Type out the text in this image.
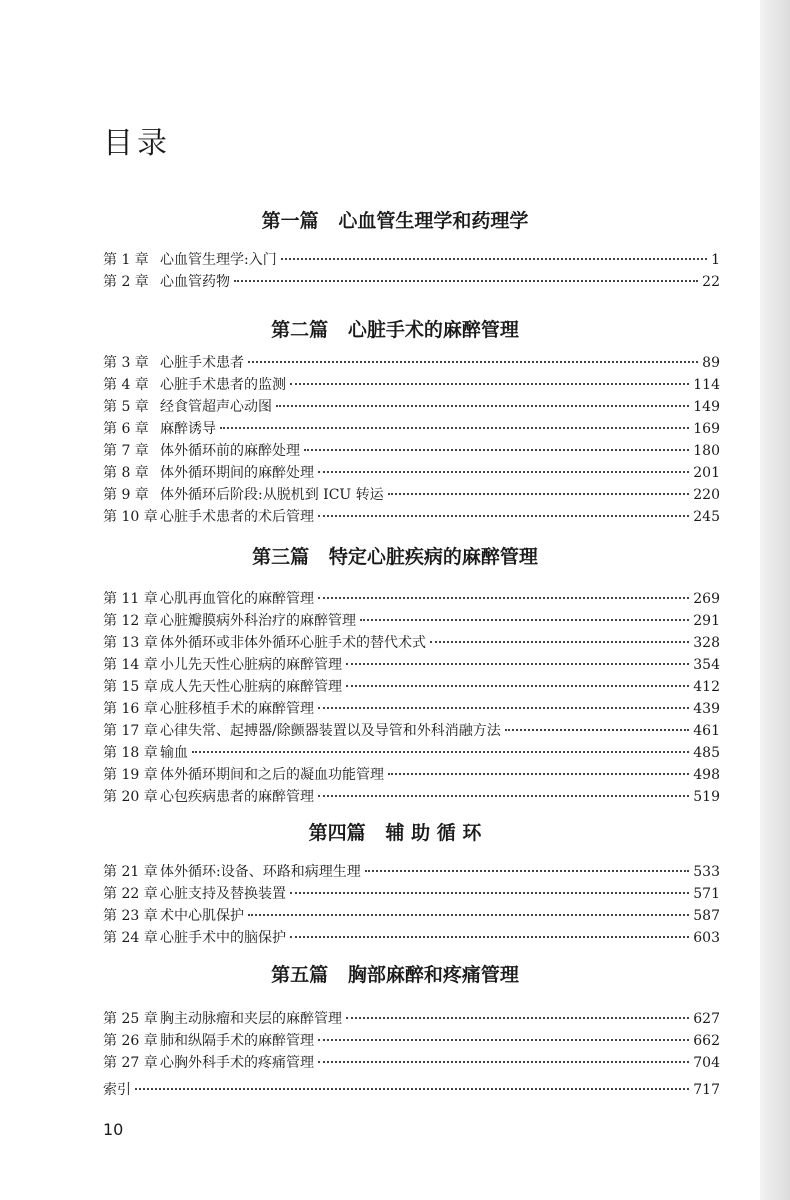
目录
第一篇   心血管生理学和药理学
第二篇   心脏手术的麻醉管理
第三篇   特定心脏疾病的麻醉管理
第四篇   辅 助 循 环
第五篇   胸部麻醉和疼痛管理
第 1 章 心血管生理学:入门	1
第 2 章 心血管药物	22
第 3 章 心脏手术患者	89
第 4 章 心脏手术患者的监测	114
第 5 章 经食管超声心动图	149
第 6 章 麻醉诱导	169
第 7 章 体外循环前的麻醉处理	180
第 8 章 体外循环期间的麻醉处理	201
第 9 章 体外循环后阶段:从脱机到 ICU 转运	220
第 10 章 心脏手术患者的术后管理	245
第 11 章 心肌再血管化的麻醉管理	269
第 12 章 心脏瓣膜病外科治疗的麻醉管理	291
第 13 章 体外循环或非体外循环心脏手术的替代术式	328
第 14 章 小儿先天性心脏病的麻醉管理	354
第 15 章 成人先天性心脏病的麻醉管理	412
第 16 章 心脏移植手术的麻醉管理	439
第 17 章 心律失常、起搏器/除颤器装置以及导管和外科消融方法	461
第 18 章 输血	485
第 19 章 体外循环期间和之后的凝血功能管理	498
第 20 章 心包疾病患者的麻醉管理	519
第 21 章 体外循环:设备、环路和病理生理	533
第 22 章 心脏支持及替换装置	571
第 23 章 术中心肌保护	587
第 24 章 心脏手术中的脑保护	603
第 25 章 胸主动脉瘤和夹层的麻醉管理	627
第 26 章 肺和纵隔手术的麻醉管理	662
第 27 章 心胸外科手术的疼痛管理	704
索引	717
10
